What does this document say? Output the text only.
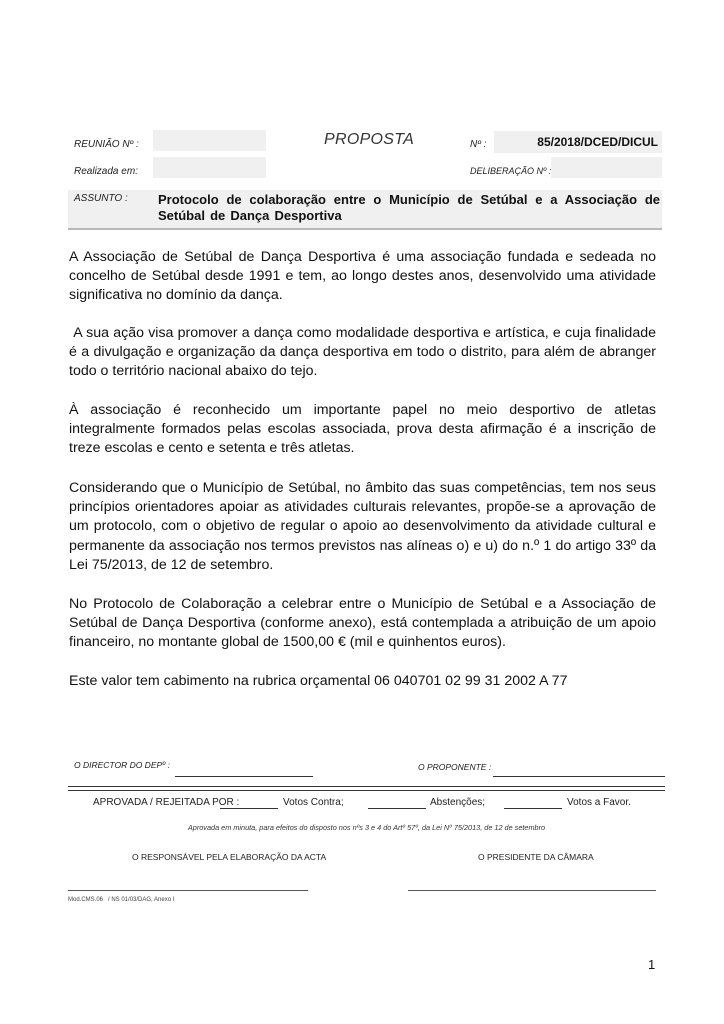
REUNIÃO Nº :	PROPOSTA	Nº :	85/2018/DCED/DICUL
Realizada em:	DELIBERAÇÃO Nº :
ASSUNTO : Protocolo de colaboração entre o Município de Setúbal e a Associação de Setúbal de Dança Desportiva
A Associação de Setúbal de Dança Desportiva é uma associação fundada e sedeada no concelho de Setúbal desde 1991 e tem, ao longo destes anos, desenvolvido uma atividade significativa no domínio da dança.
A sua ação visa promover a dança como modalidade desportiva e artística, e cuja finalidade é a divulgação e organização da dança desportiva em todo o distrito, para além de abranger todo o território nacional abaixo do tejo.
À associação é reconhecido um importante papel no meio desportivo de atletas integralmente formados pelas escolas associada, prova desta afirmação é a inscrição de treze escolas e cento e setenta e três atletas.
Considerando que o Município de Setúbal, no âmbito das suas competências, tem nos seus princípios orientadores apoiar as atividades culturais relevantes, propõe-se a aprovação de um protocolo, com o objetivo de regular o apoio ao desenvolvimento da atividade cultural e permanente da associação nos termos previstos nas alíneas o) e u) do n.º 1 do artigo 33º da Lei 75/2013, de 12 de setembro.
No Protocolo de Colaboração a celebrar entre o Município de Setúbal e a Associação de Setúbal de Dança Desportiva (conforme anexo), está contemplada a atribuição de um apoio financeiro, no montante global de 1500,00 € (mil e quinhentos euros).
Este valor tem cabimento na rubrica orçamental 06 040701 02 99 31 2002 A 77
O DIRECTOR DO DEPº :	O PROPONENTE :
APROVADA / REJEITADA POR :	Votos Contra;	Abstenções;	Votos a Favor.
Aprovada em minuta, para efeitos do disposto nos nºs 3 e 4 do Artº 57º, da Lei Nº 75/2013, de 12 de setembro
O RESPONSÁVEL PELA ELABORAÇÃO DA ACTA	O PRESIDENTE DA CÂMARA
Mod.CMS.06   / NS 01/03/DAG, Anexo I
1
